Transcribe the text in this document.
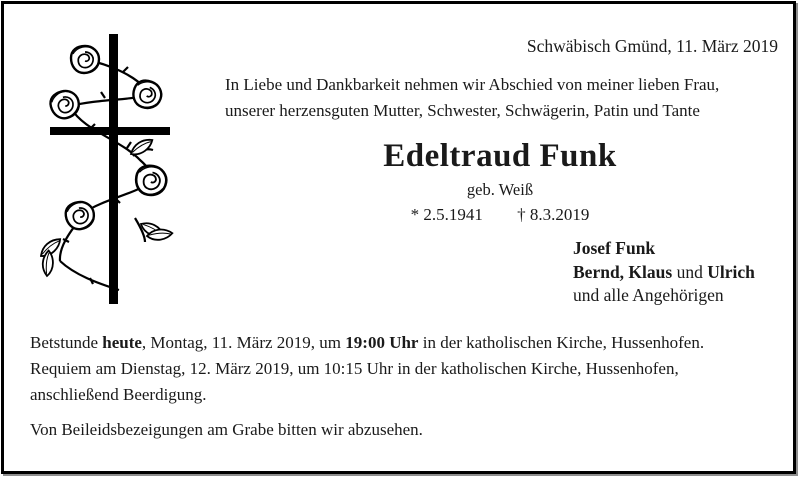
Schwäbisch Gmünd, 11. März 2019
In Liebe und Dankbarkeit nehmen wir Abschied von meiner lieben Frau,
unserer herzensguten Mutter, Schwester, Schwägerin, Patin und Tante
Edeltraud Funk
geb. Weiß
* 2.5.1941 † 8.3.2019
Josef Funk
Bernd, Klaus und Ulrich
und alle Angehörigen
Betstunde heute, Montag, 11. März 2019, um 19:00 Uhr in der katholischen Kirche, Hussenhofen.
Requiem am Dienstag, 12. März 2019, um 10:15 Uhr in der katholischen Kirche, Hussenhofen,
anschließend Beerdigung.
Von Beileidsbezeigungen am Grabe bitten wir abzusehen.
